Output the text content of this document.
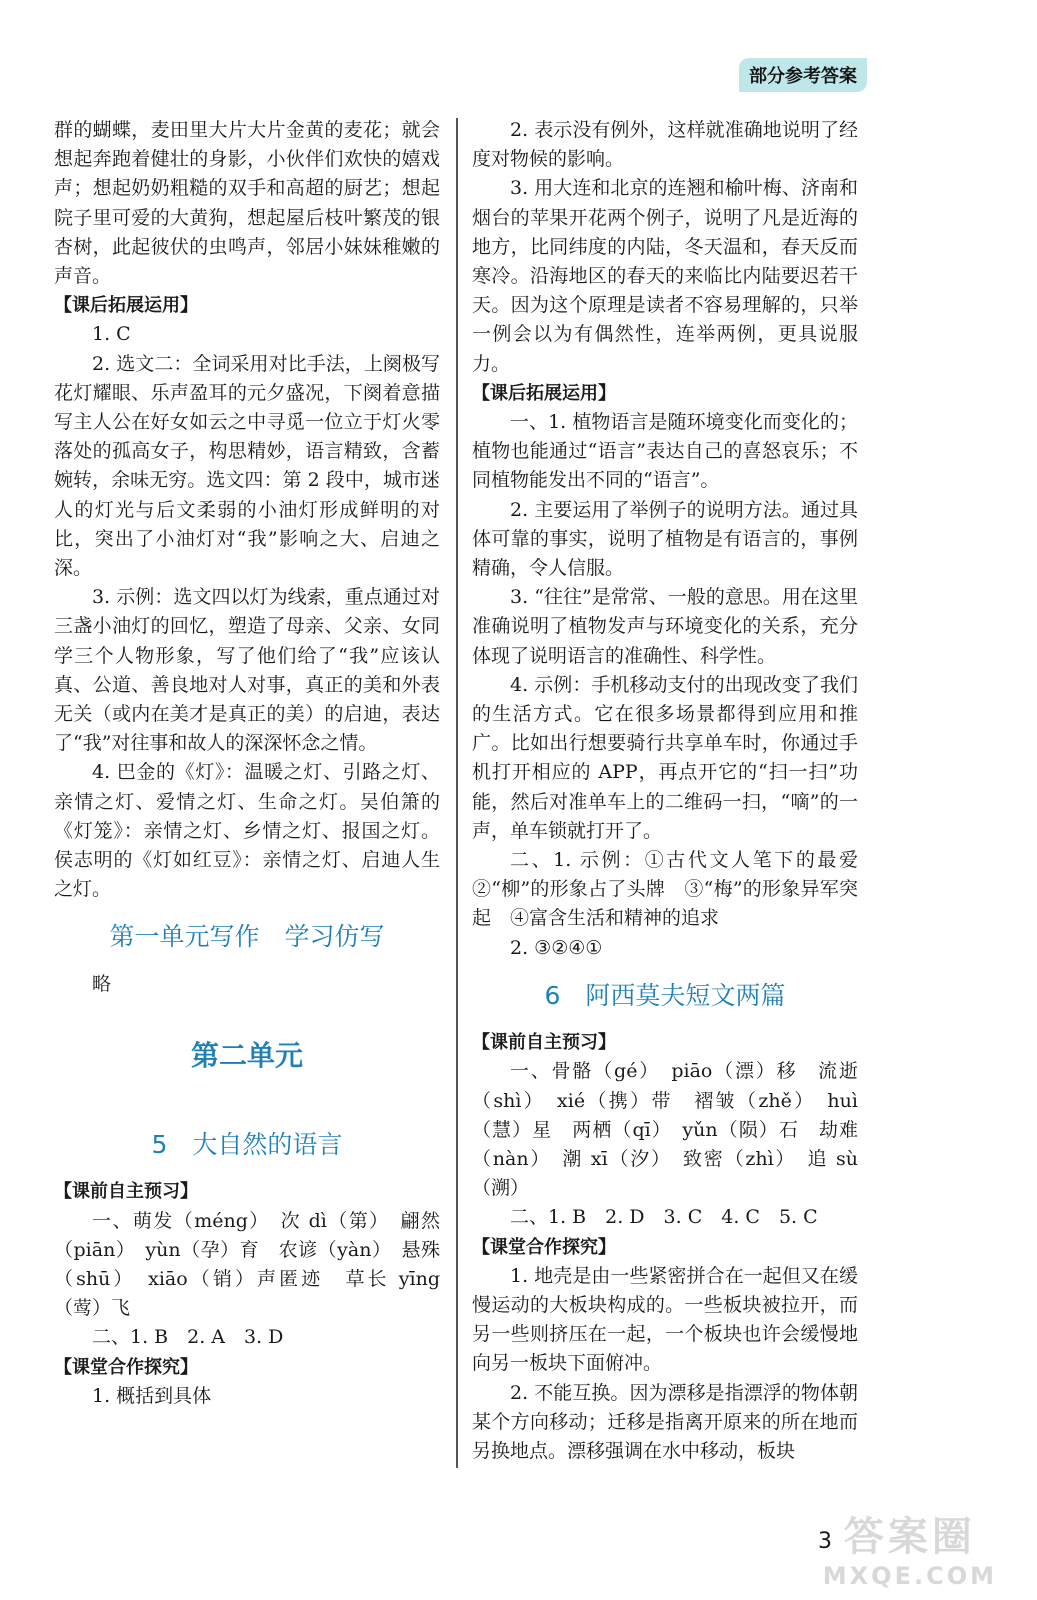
部分参考答案

群的蝴蝶，麦田里大片大片金黄的麦花；就会想起奔跑着健壮的身影，小伙伴们欢快的嬉戏声；想起奶奶粗糙的双手和高超的厨艺；想起院子里可爱的大黄狗，想起屋后枝叶繁茂的银杏树，此起彼伏的虫鸣声，邻居小妹妹稚嫩的声音。

【课后拓展运用】

1. C

2. 选文二：全词采用对比手法，上阕极写花灯耀眼、乐声盈耳的元夕盛况，下阕着意描写主人公在好女如云之中寻觅一位立于灯火零落处的孤高女子，构思精妙，语言精致，含蓄婉转，余味无穷。选文四：第 2 段中，城市迷人的灯光与后文柔弱的小油灯形成鲜明的对比，突出了小油灯对“我”影响之大、启迪之深。

3. 示例：选文四以灯为线索，重点通过对三盏小油灯的回忆，塑造了母亲、父亲、女同学三个人物形象，写了他们给了“我”应该认真、公道、善良地对人对事，真正的美和外表无关（或内在美才是真正的美）的启迪，表达了“我”对往事和故人的深深怀念之情。

4. 巴金的《灯》：温暖之灯、引路之灯、亲情之灯、爱情之灯、生命之灯。吴伯箫的《灯笼》：亲情之灯、乡情之灯、报国之灯。侯志明的《灯如红豆》：亲情之灯、启迪人生之灯。

第一单元写作　学习仿写

略

第二单元
5　大自然的语言

【课前自主预习】

一、萌发（méng）　次 dì（第）　翩然（piān）　yùn（孕）育　农谚（yàn）　悬殊（shū）　xiāo（销）声匿迹　草长 yīng（莺）飞

二、1. B　2. A　3. D

【课堂合作探究】

1. 概括到具体

2. 表示没有例外，这样就准确地说明了经度对物候的影响。

3. 用大连和北京的连翘和榆叶梅、济南和烟台的苹果开花两个例子，说明了凡是近海的地方，比同纬度的内陆，冬天温和，春天反而寒冷。沿海地区的春天的来临比内陆要迟若干天。因为这个原理是读者不容易理解的，只举一例会以为有偶然性，连举两例，更具说服力。

【课后拓展运用】

一、1. 植物语言是随环境变化而变化的；植物也能通过“语言”表达自己的喜怒哀乐；不同植物能发出不同的“语言”。

2. 主要运用了举例子的说明方法。通过具体可靠的事实，说明了植物是有语言的，事例精确，令人信服。

3. “往往”是常常、一般的意思。用在这里准确说明了植物发声与环境变化的关系，充分体现了说明语言的准确性、科学性。

4. 示例：手机移动支付的出现改变了我们的生活方式。它在很多场景都得到应用和推广。比如出行想要骑行共享单车时，你通过手机打开相应的 APP，再点开它的“扫一扫”功能，然后对准单车上的二维码一扫，“嘀”的一声，单车锁就打开了。

二、1. 示例：①古代文人笔下的最爱　②“柳”的形象占了头牌　③“梅”的形象异军突起　④富含生活和精神的追求

2. ③②④①

6　阿西莫夫短文两篇

【课前自主预习】

一、骨骼（gé）　piāo（漂）移　流逝（shì）　xié（携）带　褶皱（zhě）　huì（慧）星　两栖（qī）　yǔn（陨）石　劫难（nàn）　潮 xī（汐）　致密（zhì）　追 sù（溯）

二、1. B　2. D　3. C　4. C　5. C

【课堂合作探究】

1. 地壳是由一些紧密拼合在一起但又在缓慢运动的大板块构成的。一些板块被拉开，而另一些则挤压在一起，一个板块也许会缓慢地向另一板块下面俯冲。

2. 不能互换。因为漂移是指漂浮的物体朝某个方向移动；迁移是指离开原来的所在地而另换地点。漂移强调在水中移动，板块

3 答案圈
MXQE.COM
